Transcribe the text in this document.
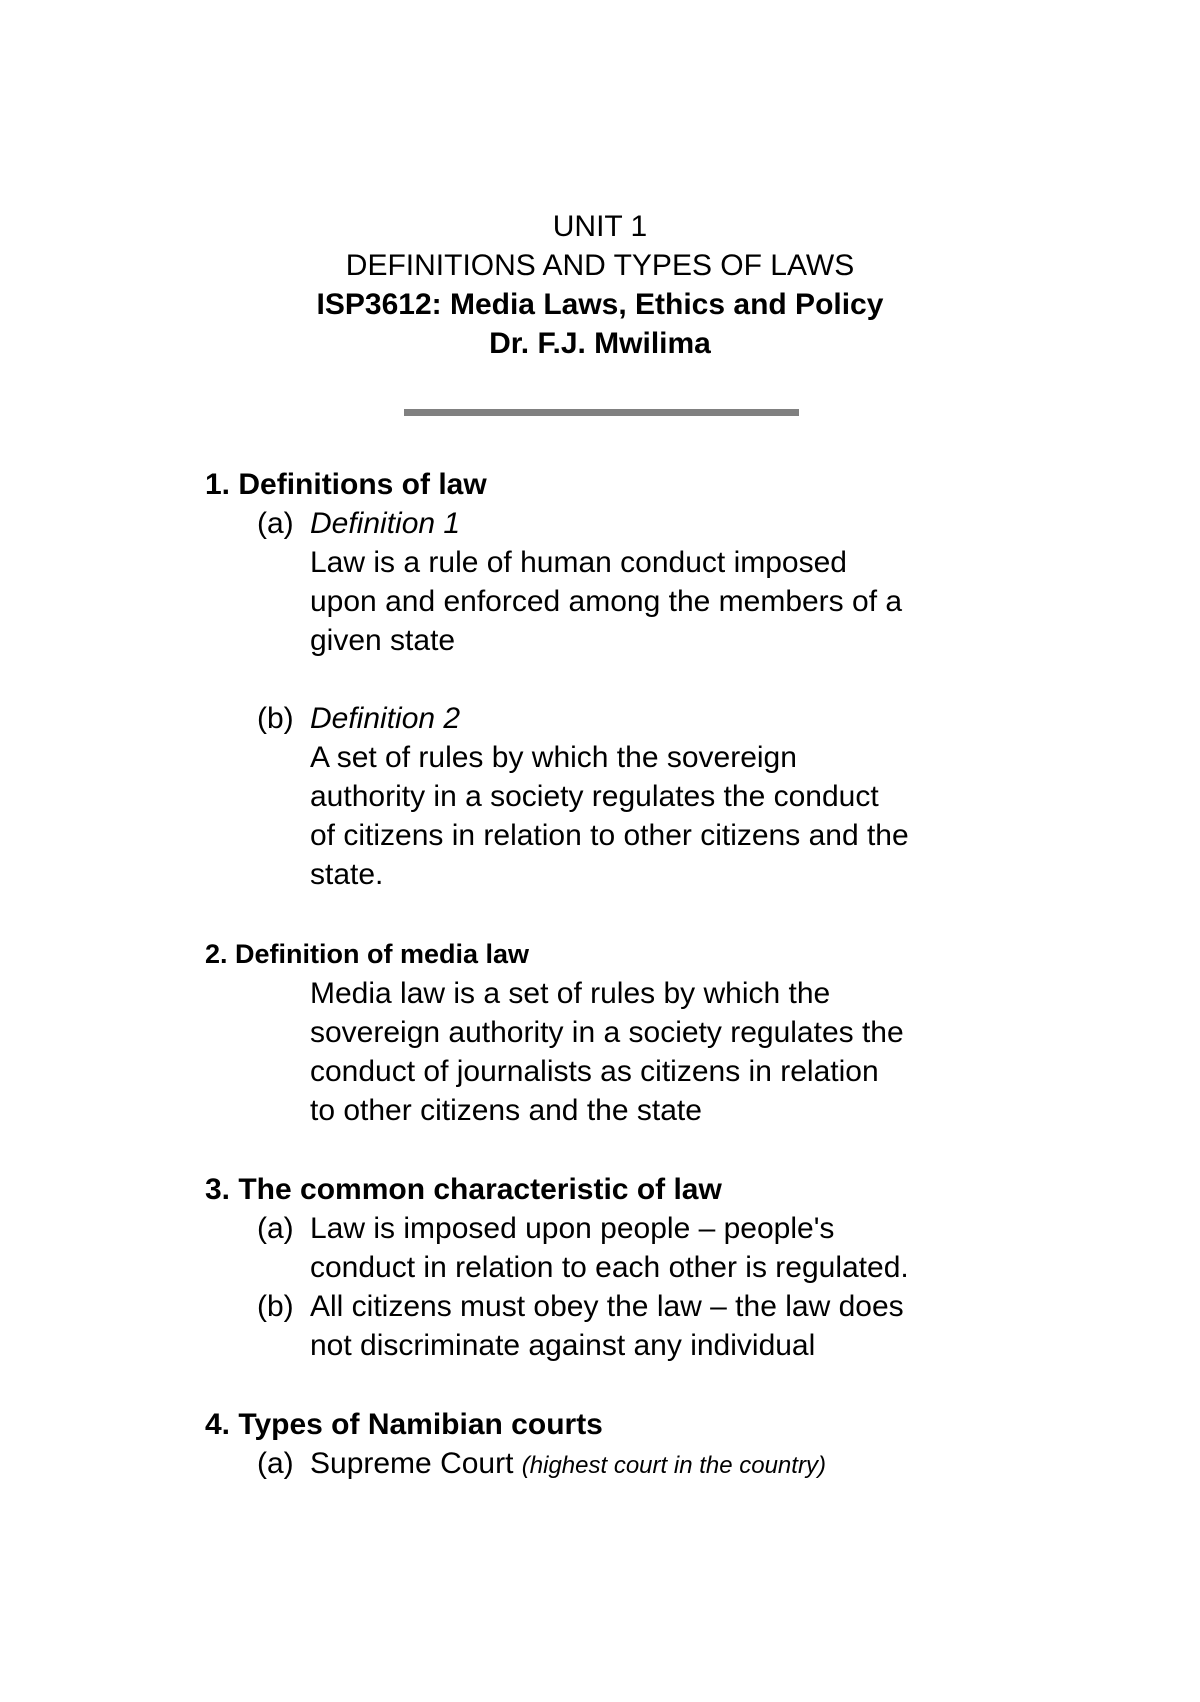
UNIT 1
DEFINITIONS AND TYPES OF LAWS
ISP3612: Media Laws, Ethics and Policy
Dr. F.J. Mwilima
1. Definitions of law
(a) Definition 1
Law is a rule of human conduct imposed
upon and enforced among the members of a
given state
(b) Definition 2
A set of rules by which the sovereign
authority in a society regulates the conduct
of citizens in relation to other citizens and the
state.
2. Definition of media law
Media law is a set of rules by which the
sovereign authority in a society regulates the
conduct of journalists as citizens in relation
to other citizens and the state
3. The common characteristic of law
(a) Law is imposed upon people – people's
conduct in relation to each other is regulated.
(b) All citizens must obey the law – the law does
not discriminate against any individual
4. Types of Namibian courts
(a) Supreme Court (highest court in the country)
